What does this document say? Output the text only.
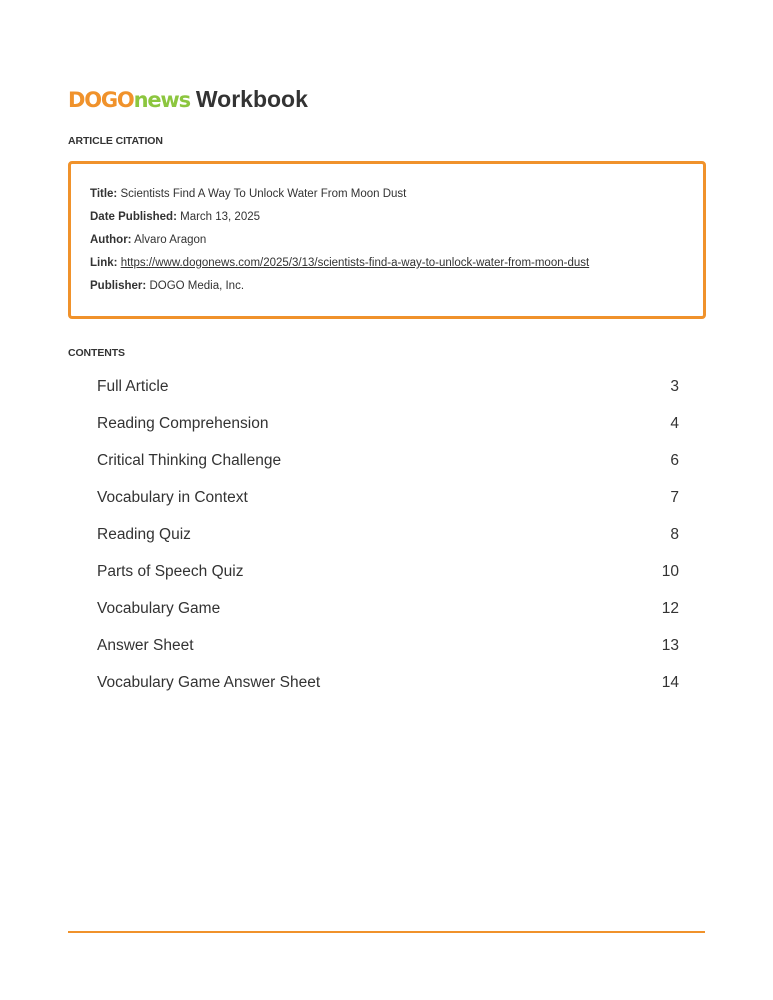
DOGOnews Workbook
ARTICLE CITATION
Title: Scientists Find A Way To Unlock Water From Moon Dust
Date Published: March 13, 2025
Author: Alvaro Aragon
Link: https://www.dogonews.com/2025/3/13/scientists-find-a-way-to-unlock-water-from-moon-dust
Publisher: DOGO Media, Inc.
CONTENTS
Full Article	3
Reading Comprehension	4
Critical Thinking Challenge	6
Vocabulary in Context	7
Reading Quiz	8
Parts of Speech Quiz	10
Vocabulary Game	12
Answer Sheet	13
Vocabulary Game Answer Sheet	14
